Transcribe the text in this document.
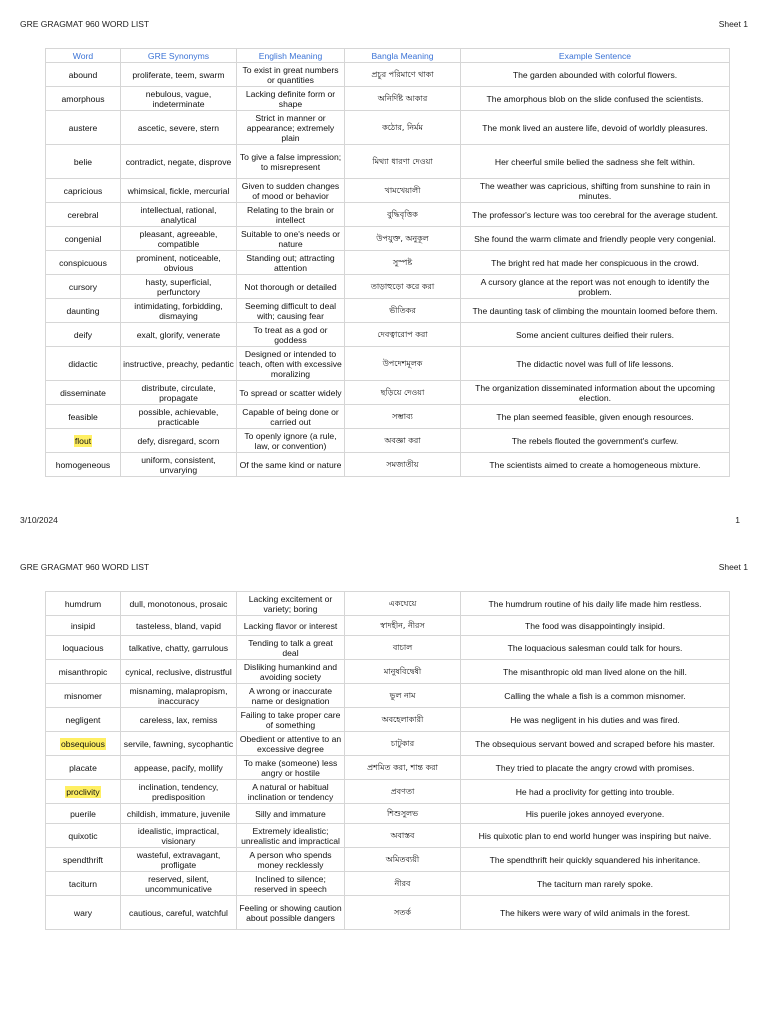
GRE GRAGMAT 960 WORD LIST	Sheet 1
Word	GRE Synonyms	English Meaning	Bangla Meaning	Example Sentence
abound	proliferate, teem, swarm	To exist in great numbers or quantities	প্রচুর পরিমাণে থাকা	The garden abounded with colorful flowers.
amorphous	nebulous, vague, indeterminate	Lacking definite form or shape	অনির্দিষ্ট আকার	The amorphous blob on the slide confused the scientists.
austere	ascetic, severe, stern	Strict in manner or appearance; extremely plain	কঠোর, নির্মম	The monk lived an austere life, devoid of worldly pleasures.
belie	contradict, negate, disprove	To give a false impression; to misrepresent	মিথ্যা ধারণা দেওয়া	Her cheerful smile belied the sadness she felt within.
capricious	whimsical, fickle, mercurial	Given to sudden changes of mood or behavior	খামখেয়ালী	The weather was capricious, shifting from sunshine to rain in minutes.
cerebral	intellectual, rational, analytical	Relating to the brain or intellect	বুদ্ধিবৃত্তিক	The professor's lecture was too cerebral for the average student.
congenial	pleasant, agreeable, compatible	Suitable to one's needs or nature	উপযুক্ত, অনুকূল	She found the warm climate and friendly people very congenial.
conspicuous	prominent, noticeable, obvious	Standing out; attracting attention	সুস্পষ্ট	The bright red hat made her conspicuous in the crowd.
cursory	hasty, superficial, perfunctory	Not thorough or detailed	তাড়াহুড়ো করে করা	A cursory glance at the report was not enough to identify the problem.
daunting	intimidating, forbidding, dismaying	Seeming difficult to deal with; causing fear	ভীতিকর	The daunting task of climbing the mountain loomed before them.
deify	exalt, glorify, venerate	To treat as a god or goddess	দেবত্বারোপ করা	Some ancient cultures deified their rulers.
didactic	instructive, preachy, pedantic	Designed or intended to teach, often with excessive moralizing	উপদেশমূলক	The didactic novel was full of life lessons.
disseminate	distribute, circulate, propagate	To spread or scatter widely	ছড়িয়ে দেওয়া	The organization disseminated information about the upcoming election.
feasible	possible, achievable, practicable	Capable of being done or carried out	সম্ভাব্য	The plan seemed feasible, given enough resources.
flout	defy, disregard, scorn	To openly ignore (a rule, law, or convention)	অবজ্ঞা করা	The rebels flouted the government's curfew.
homogeneous	uniform, consistent, unvarying	Of the same kind or nature	সমজাতীয়	The scientists aimed to create a homogeneous mixture.
3/10/2024	1
GRE GRAGMAT 960 WORD LIST	Sheet 1
humdrum	dull, monotonous, prosaic	Lacking excitement or variety; boring	একঘেয়ে	The humdrum routine of his daily life made him restless.
insipid	tasteless, bland, vapid	Lacking flavor or interest	স্বাদহীন, নীরস	The food was disappointingly insipid.
loquacious	talkative, chatty, garrulous	Tending to talk a great deal	বাচাল	The loquacious salesman could talk for hours.
misanthropic	cynical, reclusive, distrustful	Disliking humankind and avoiding society	মানুষবিদ্বেষী	The misanthropic old man lived alone on the hill.
misnomer	misnaming, malapropism, inaccuracy	A wrong or inaccurate name or designation	ভুল নাম	Calling the whale a fish is a common misnomer.
negligent	careless, lax, remiss	Failing to take proper care of something	অবহেলাকারী	He was negligent in his duties and was fired.
obsequious	servile, fawning, sycophantic	Obedient or attentive to an excessive degree	চাটুকার	The obsequious servant bowed and scraped before his master.
placate	appease, pacify, mollify	To make (someone) less angry or hostile	প্রশমিত করা, শান্ত করা	They tried to placate the angry crowd with promises.
proclivity	inclination, tendency, predisposition	A natural or habitual inclination or tendency	প্রবণতা	He had a proclivity for getting into trouble.
puerile	childish, immature, juvenile	Silly and immature	শিশুসুলভ	His puerile jokes annoyed everyone.
quixotic	idealistic, impractical, visionary	Extremely idealistic; unrealistic and impractical	অবাস্তব	His quixotic plan to end world hunger was inspiring but naive.
spendthrift	wasteful, extravagant, profligate	A person who spends money recklessly	অমিতব্যয়ী	The spendthrift heir quickly squandered his inheritance.
taciturn	reserved, silent, uncommunicative	Inclined to silence; reserved in speech	নীরব	The taciturn man rarely spoke.
wary	cautious, careful, watchful	Feeling or showing caution about possible dangers	সতর্ক	The hikers were wary of wild animals in the forest.
